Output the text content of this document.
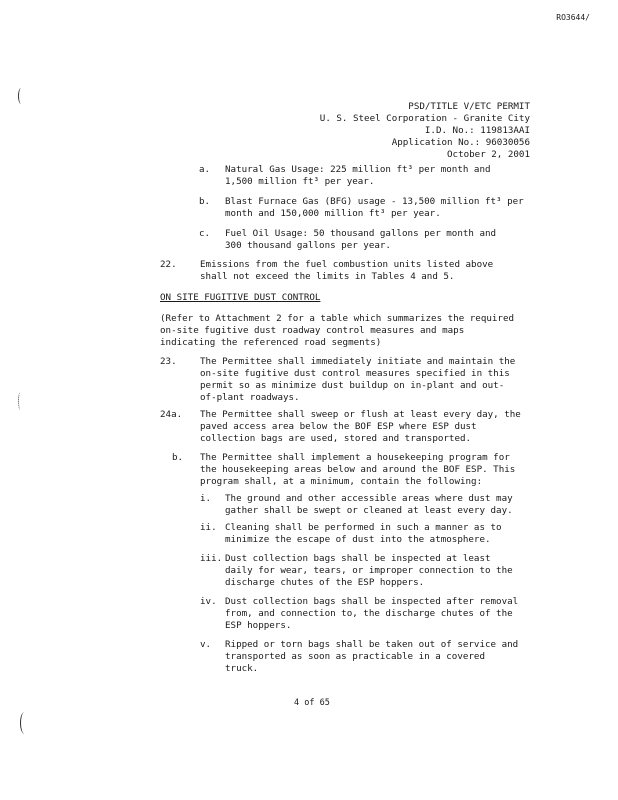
RO3644/
PSD/TITLE V/ETC PERMIT
U. S. Steel Corporation - Granite City
I.D. No.: 119813AAI
Application No.: 96030056
October 2, 2001
a.	Natural Gas Usage: 225 million ft³ per month and
1,500 million ft³ per year.
b.	Blast Furnace Gas (BFG) usage - 13,500 million ft³ per
month and 150,000 million ft³ per year.
c.	Fuel Oil Usage: 50 thousand gallons per month and
300 thousand gallons per year.
22.	Emissions from the fuel combustion units listed above
shall not exceed the limits in Tables 4 and 5.
ON SITE FUGITIVE DUST CONTROL
(Refer to Attachment 2 for a table which summarizes the required
on-site fugitive dust roadway control measures and maps
indicating the referenced road segments)
23.	The Permittee shall immediately initiate and maintain the
on-site fugitive dust control measures specified in this
permit so as minimize dust buildup on in-plant and out-
of-plant roadways.
24a.	The Permittee shall sweep or flush at least every day, the
paved access area below the BOF ESP where ESP dust
collection bags are used, stored and transported.
b.	The Permittee shall implement a housekeeping program for
the housekeeping areas below and around the BOF ESP. This
program shall, at a minimum, contain the following:
i.	The ground and other accessible areas where dust may
gather shall be swept or cleaned at least every day.
ii. Cleaning shall be performed in such a manner as to
minimize the escape of dust into the atmosphere.
iii. Dust collection bags shall be inspected at least
daily for wear, tears, or improper connection to the
discharge chutes of the ESP hoppers.
iv. Dust collection bags shall be inspected after removal
from, and connection to, the discharge chutes of the
ESP hoppers.
v.	Ripped or torn bags shall be taken out of service and
transported as soon as practicable in a covered
truck.
4 of 65
